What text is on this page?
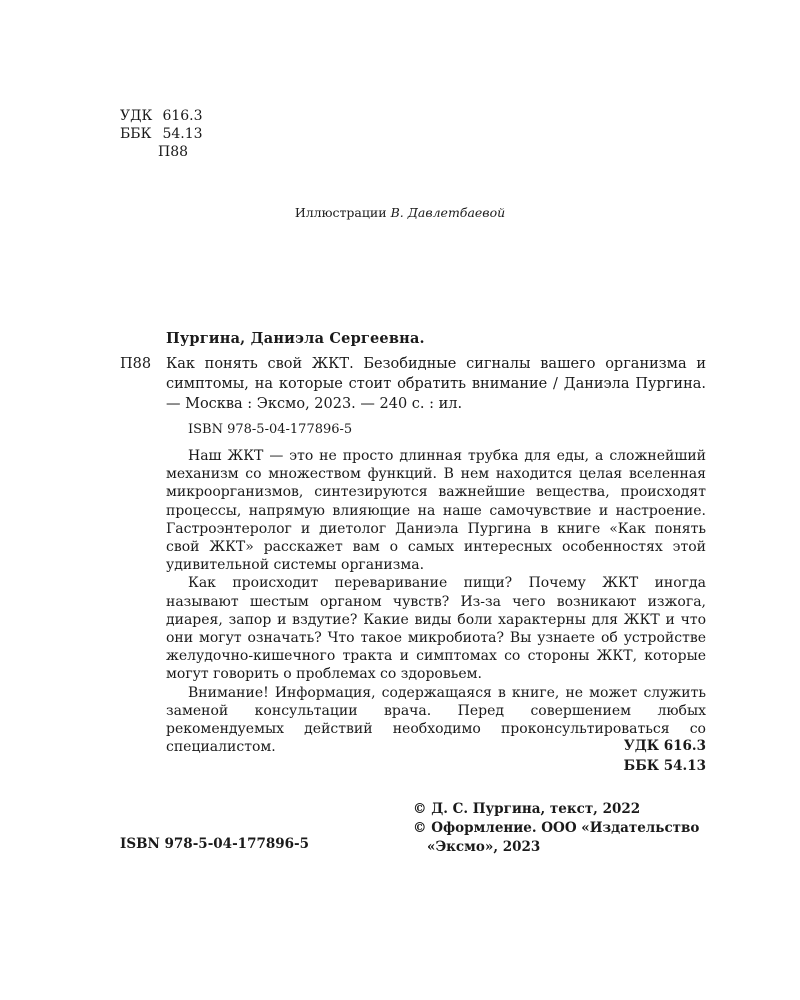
УДК 616.3
ББК 54.13
П88
Иллюстрации В. Давлетбаевой
Пургина, Даниэла Сергеевна.
П88 Как понять свой ЖКТ. Безобидные сигналы вашего организма и симптомы, на которые стоит обратить внимание / Даниэла Пургина. — Москва : Эксмо, 2023. — 240 с. : ил.
ISBN 978-5-04-177896-5

Наш ЖКТ — это не просто длинная трубка для еды, а сложнейший механизм со множеством функций. В нем находится целая вселенная микроорганизмов, синтезируются важнейшие вещества, происходят процессы, напрямую влияющие на наше самочувствие и настроение. Гастроэнтеролог и диетолог Даниэла Пургина в книге «Как понять свой ЖКТ» расскажет вам о самых интересных особенностях этой удивительной системы организма.

Как происходит переваривание пищи? Почему ЖКТ иногда называют шестым органом чувств? Из-за чего возникают изжога, диарея, запор и вздутие? Какие виды боли характерны для ЖКТ и что они могут означать? Что такое микробиота? Вы узнаете об устройстве желудочно-кишечного тракта и симптомах со стороны ЖКТ, которые могут говорить о проблемах со здоровьем.

Внимание! Информация, содержащаяся в книге, не может служить заменой консультации врача. Перед совершением любых рекомендуемых действий необходимо проконсультироваться со специалистом.	УДК 616.3
ББК 54.13
© Д. С. Пургина, текст, 2022
© Оформление. ООО «Издательство
«Эксмо», 2023
ISBN 978-5-04-177896-5
